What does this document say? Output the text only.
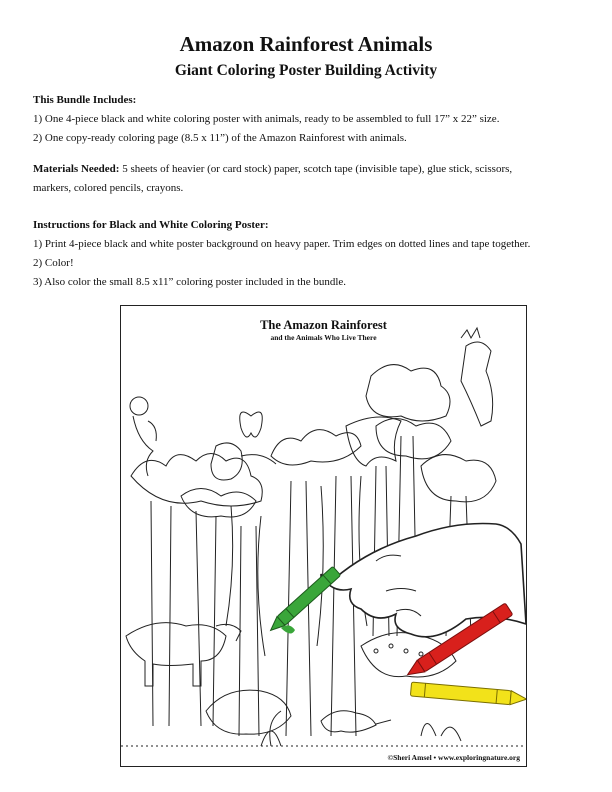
Amazon Rainforest Animals
Giant Coloring Poster Building Activity

This Bundle Includes:

1) One 4-piece black and white coloring poster with animals, ready to be assembled to full 17” x 22” size.

2) One copy-ready coloring page (8.5 x 11”) of the Amazon Rainforest with animals.

Materials Needed: 5 sheets of heavier (or card stock) paper, scotch tape (invisible tape), glue stick, scissors,

markers, colored pencils, crayons.

Instructions for Black and White Coloring Poster:

1) Print 4-piece black and white poster background on heavy paper. Trim edges on dotted lines and tape together.

2) Color!

3) Also color the small 8.5 x11” coloring poster included in the bundle.

The Amazon Rainforest
and the Animals Who Live There
©Sheri Amsel • www.exploringnature.org
